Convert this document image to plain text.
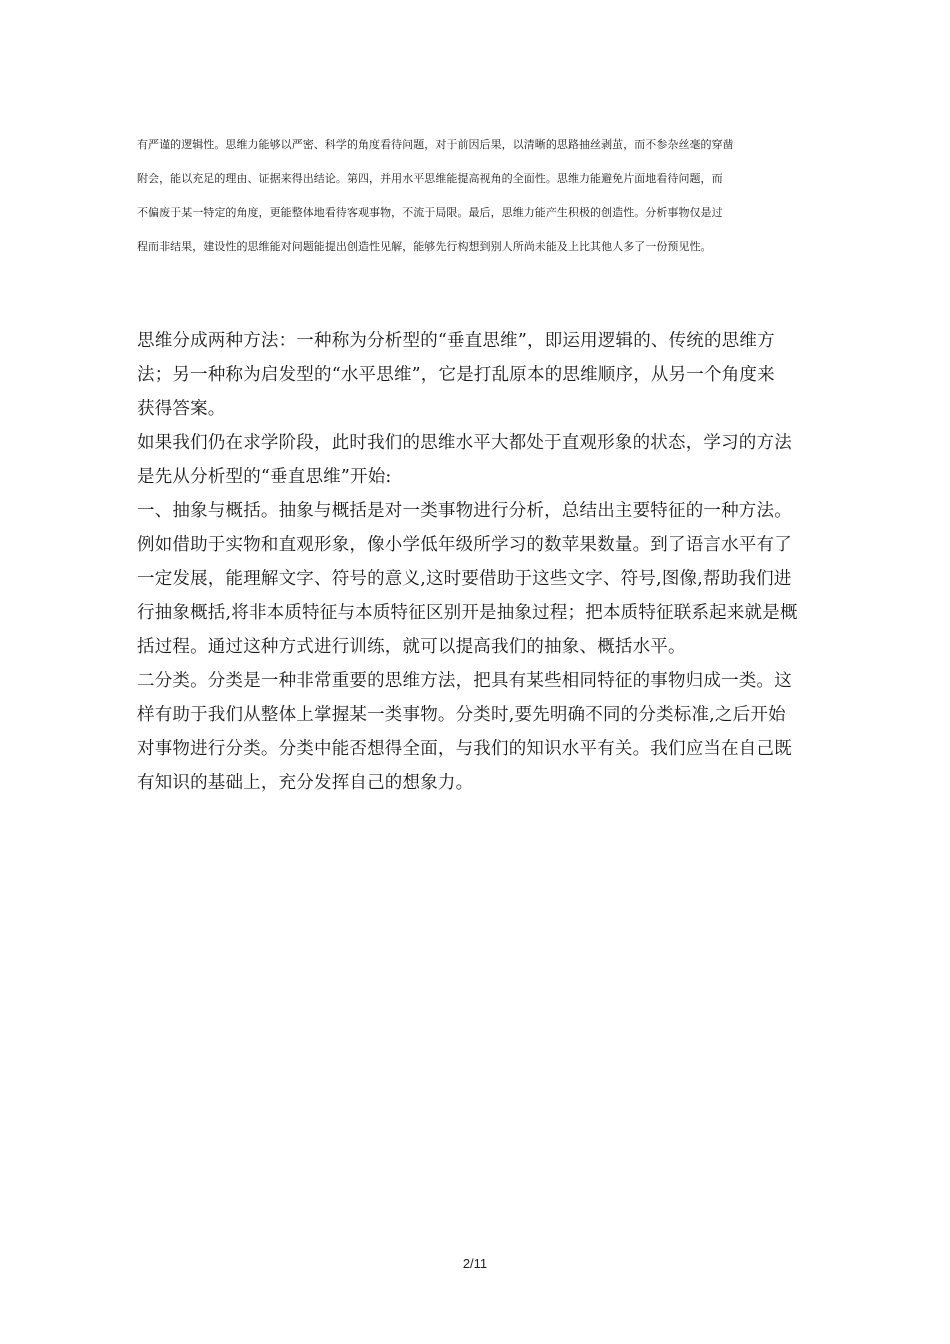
有严谨的逻辑性。思维力能够以严密、科学的角度看待问题，对于前因后果，以清晰的思路抽丝剥茧，而不参杂丝毫的穿凿
附会，能以充足的理由、证据来得出结论。第四，并用水平思维能提高视角的全面性。思维力能避免片面地看待问题，而
不偏废于某一特定的角度，更能整体地看待客观事物，不流于局限。最后，思维力能产生积极的创造性。分析事物仅是过
程而非结果，建设性的思维能对问题能提出创造性见解，能够先行构想到别人所尚未能及上比其他人多了一份预见性。
思维分成两种方法：一种称为分析型的“垂直思维”，即运用逻辑的、传统的思维方
法；另一种称为启发型的“水平思维”，它是打乱原本的思维顺序，从另一个角度来
获得答案。
如果我们仍在求学阶段，此时我们的思维水平大都处于直观形象的状态，学习的方法
是先从分析型的“垂直思维”开始:
一、抽象与概括。抽象与概括是对一类事物进行分析，总结出主要特征的一种方法。
例如借助于实物和直观形象，像小学低年级所学习的数苹果数量。到了语言水平有了
一定发展，能理解文字、符号的意义,这时要借助于这些文字、符号,图像,帮助我们进
行抽象概括,将非本质特征与本质特征区别开是抽象过程；把本质特征联系起来就是概
括过程。通过这种方式进行训练，就可以提高我们的抽象、概括水平。
二分类。分类是一种非常重要的思维方法，把具有某些相同特征的事物归成一类。这
样有助于我们从整体上掌握某一类事物。分类时,要先明确不同的分类标准,之后开始
对事物进行分类。分类中能否想得全面，与我们的知识水平有关。我们应当在自己既
有知识的基础上，充分发挥自己的想象力。
2/11
